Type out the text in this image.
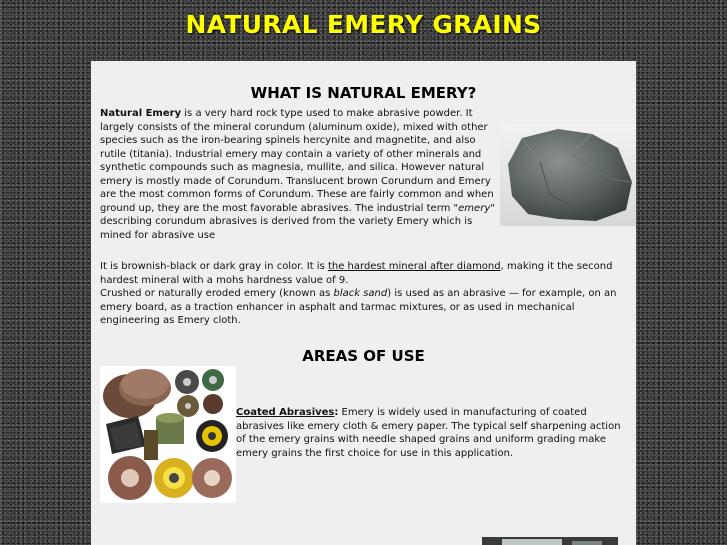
NATURAL EMERY GRAINS
WHAT IS NATURAL EMERY?
Natural Emery is a very hard rock type used to make abrasive powder. It largely consists of the mineral corundum (aluminum oxide), mixed with other species such as the iron-bearing spinels hercynite and magnetite, and also rutile (titania). Industrial emery may contain a variety of other minerals and synthetic compounds such as magnesia, mullite, and silica. However natural emery is mostly made of Corundum. Translucent brown Corundum and Emery are the most common forms of Corundum. These are fairly common and when ground up, they are the most favorable abrasives. The industrial term "emery" describing corundum abrasives is derived from the variety Emery which is mined for abrasive use
It is brownish-black or dark gray in color. It is the hardest mineral after diamond, making it the second hardest mineral with a mohs hardness value of 9.
Crushed or naturally eroded emery (known as black sand) is used as an abrasive — for example, on an emery board, as a traction enhancer in asphalt and tarmac mixtures, or as used in mechanical engineering as Emery cloth.
AREAS OF USE
Coated Abrasives: Emery is widely used in manufacturing of coated abrasives like emery cloth & emery paper. The typical self sharpening action of the emery grains with needle shaped grains and uniform grading make emery grains the first choice for use in this application.
